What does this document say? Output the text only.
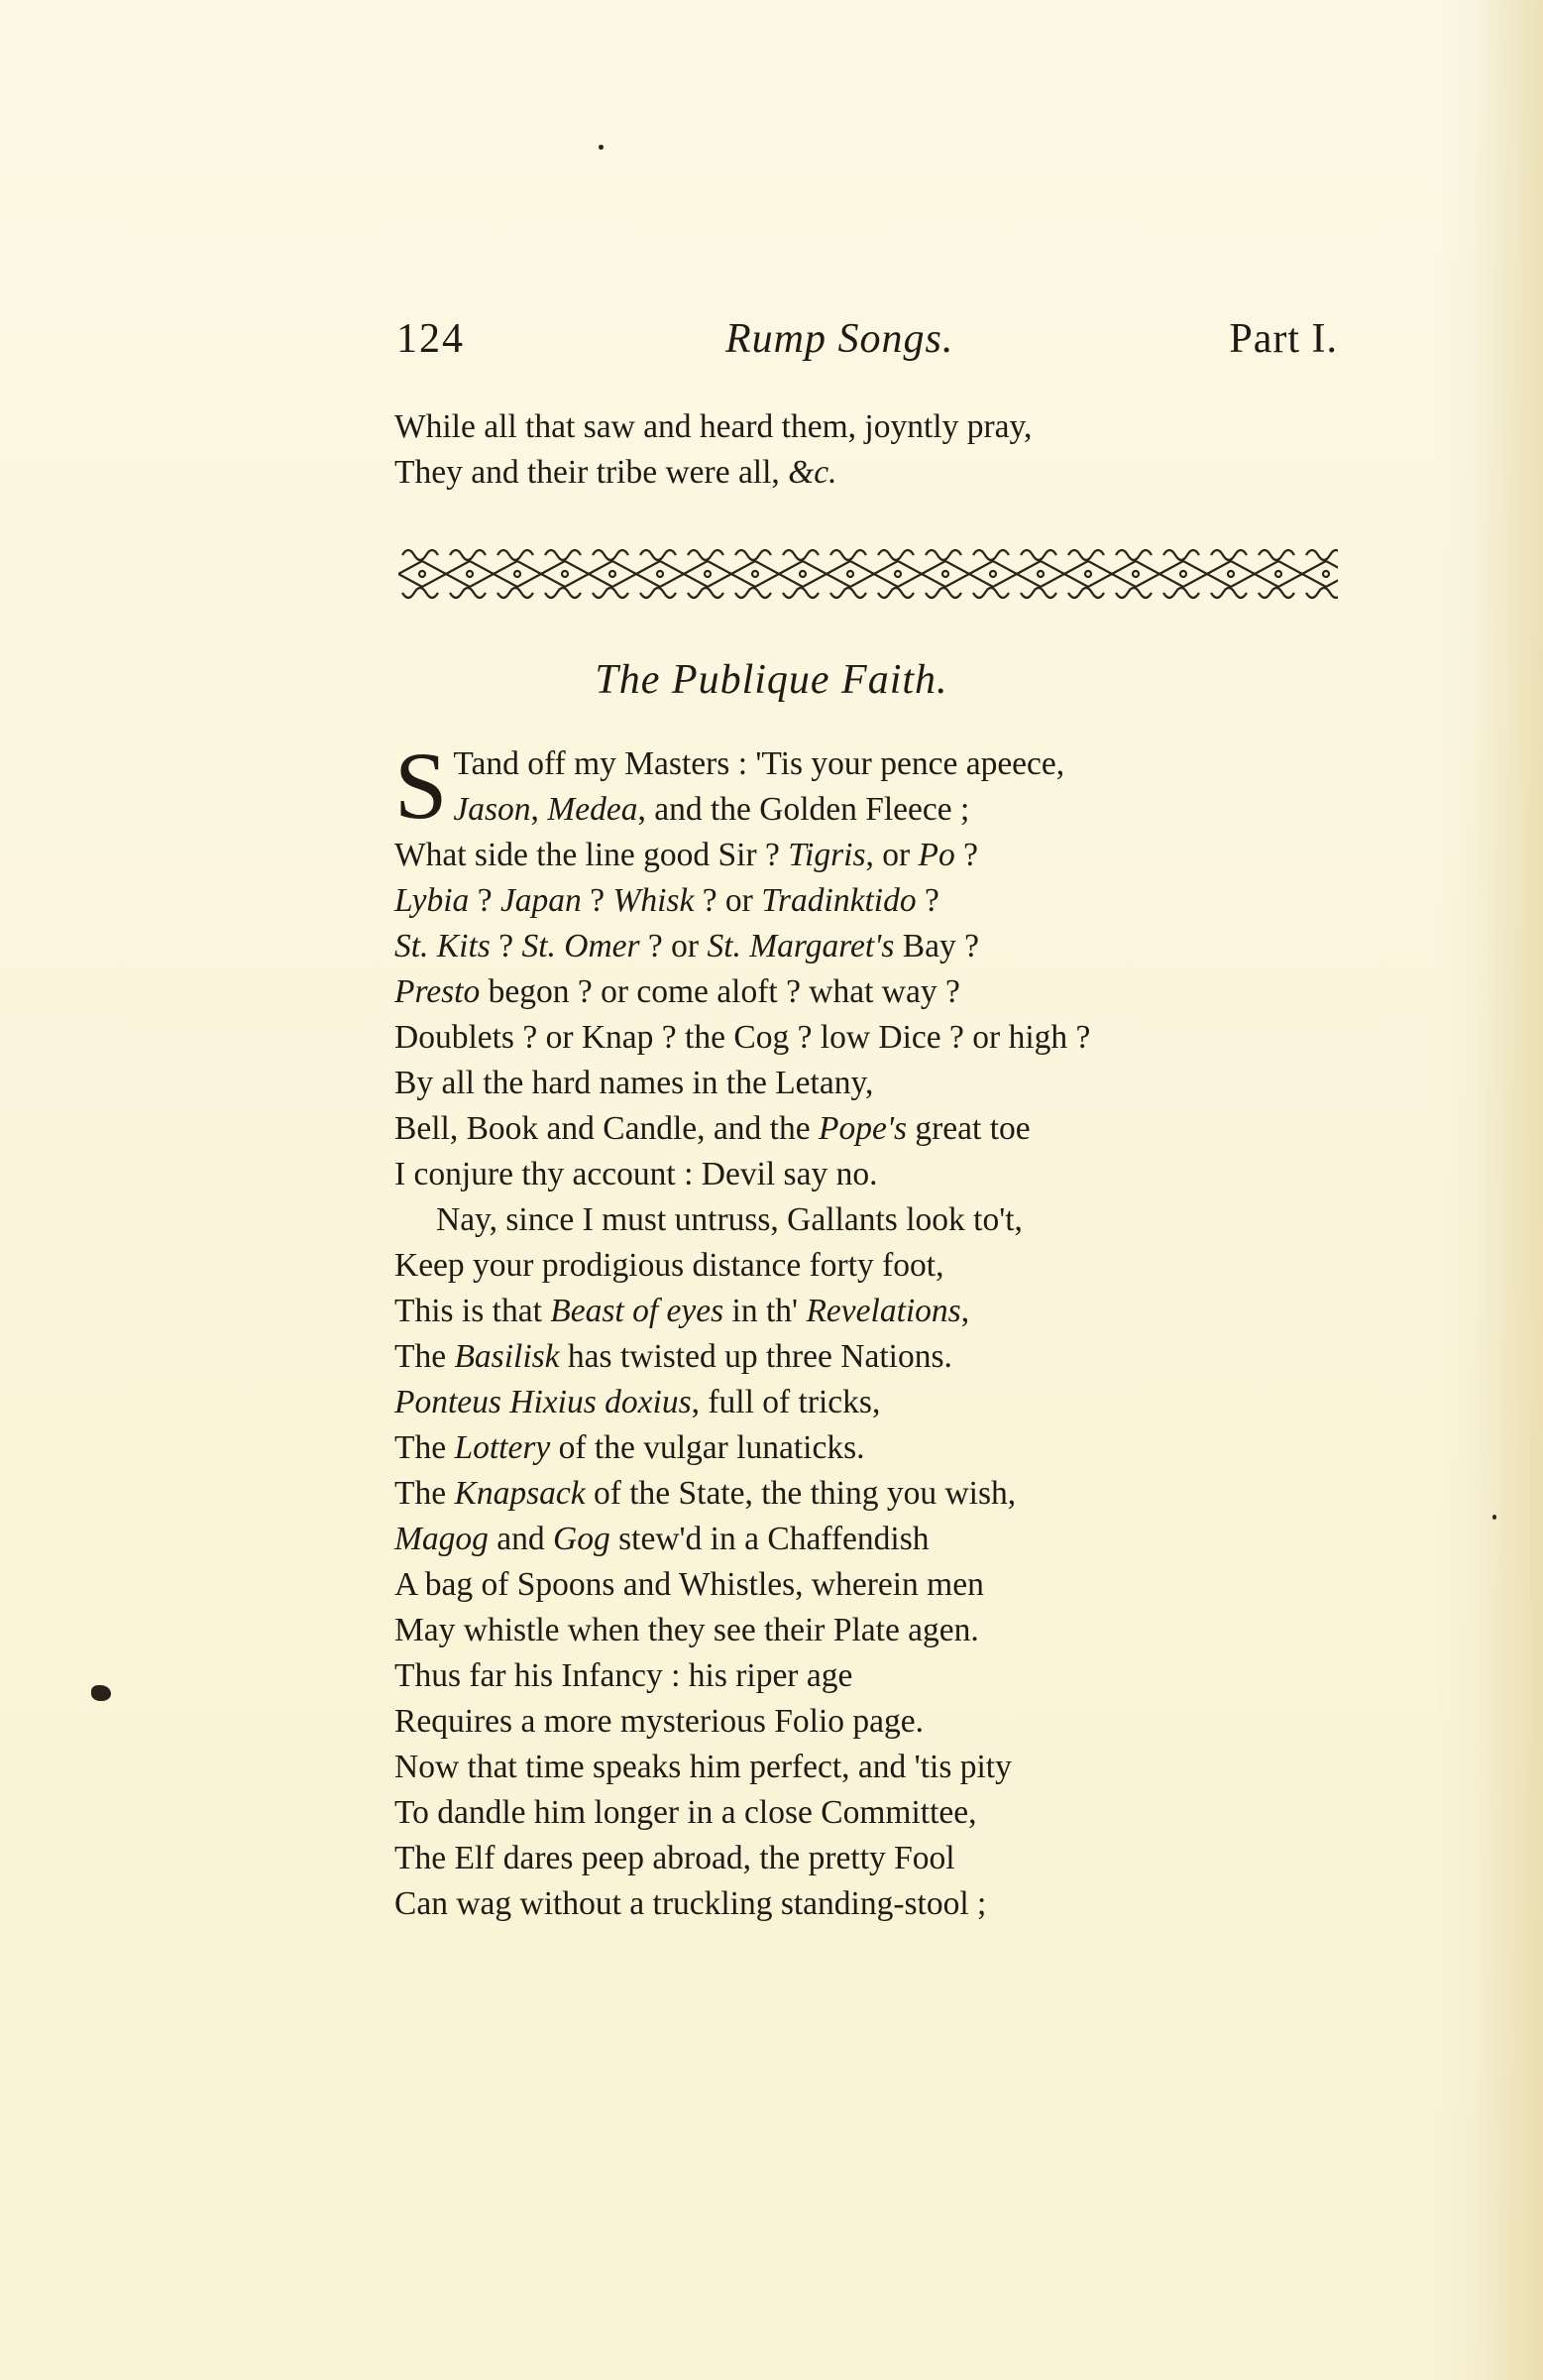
124	Rump Songs.	Part I.
While all that saw and heard them, joyntly pray,
They and their tribe were all, &c.
The Publique Faith.
S Tand off my Masters : 'Tis your pence apeece,
Jason, Medea, and the Golden Fleece ;
What side the line good Sir ? Tigris, or Po ?
Lybia ? Japan ? Whisk ? or Tradinktido ?
St. Kits ? St. Omer ? or St. Margaret's Bay ?
Presto begon ? or come aloft ? what way ?
Doublets ? or Knap ? the Cog ? low Dice ? or high ?
By all the hard names in the Letany,
Bell, Book and Candle, and the Pope's great toe
I conjure thy account : Devil say no.
Nay, since I must untruss, Gallants look to't,
Keep your prodigious distance forty foot,
This is that Beast of eyes in th' Revelations,
The Basilisk has twisted up three Nations.
Ponteus Hixius doxius, full of tricks,
The Lottery of the vulgar lunaticks.
The Knapsack of the State, the thing you wish,
Magog and Gog stew'd in a Chaffendish
A bag of Spoons and Whistles, wherein men
May whistle when they see their Plate agen.
Thus far his Infancy : his riper age
Requires a more mysterious Folio page.
Now that time speaks him perfect, and 'tis pity
To dandle him longer in a close Committee,
The Elf dares peep abroad, the pretty Fool
Can wag without a truckling standing-stool ;
